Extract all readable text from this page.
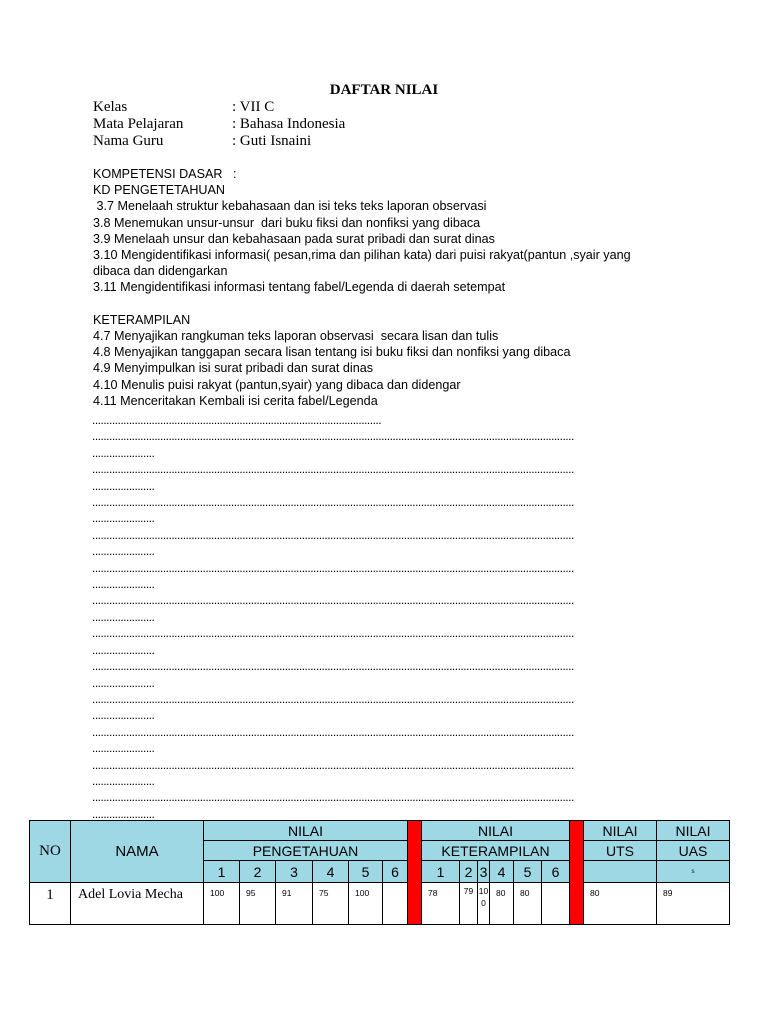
DAFTAR NILAI
Kelas	: VII C
Mata Pelajaran	: Bahasa Indonesia
Nama Guru	: Guti Isnaini
KOMPETENSI DASAR :
KD PENGETETAHUAN
3.7 Menelaah struktur kebahasaan dan isi teks teks laporan observasi
3.8 Menemukan unsur-unsur  dari buku fiksi dan nonfiksi yang dibaca
3.9 Menelaah unsur dan kebahasaan pada surat pribadi dan surat dinas
3.10 Mengidentifikasi informasi( pesan,rima dan pilihan kata) dari puisi rakyat(pantun ,syair yang
dibaca dan didengarkan
3.11 Mengidentifikasi informasi tentang fabel/Legenda di daerah setempat
KETERAMPILAN
4.7 Menyajikan rangkuman teks laporan observasi  secara lisan dan tulis
4.8 Menyajikan tanggapan secara lisan tentang isi buku fiksi dan nonfiksi yang dibaca
4.9 Menyimpulkan isi surat pribadi dan surat dinas
4.10 Menulis puisi rakyat (pantun,syair) yang dibaca dan didengar
4.11 Menceritakan Kembali isi cerita fabel/Legenda
......................................................................................................
..........................................................................................................................................................................
......................
..........................................................................................................................................................................
......................
..........................................................................................................................................................................
......................
..........................................................................................................................................................................
......................
..........................................................................................................................................................................
......................
..........................................................................................................................................................................
......................
..........................................................................................................................................................................
......................
..........................................................................................................................................................................
......................
..........................................................................................................................................................................
......................
..........................................................................................................................................................................
......................
..........................................................................................................................................................................
......................
..........................................................................................................................................................................
......................
NO	NAMA	NILAI							NILAI							NILAI	NILAI
		PENGETAHUAN							KETERAMPILAN							UTS	UAS
		1	2	3	4	5	6		1	2	3	4	5	6			s
1	Adel Lovia Mecha	100	95	91	75	100			78	79	100	80	80			80	89
